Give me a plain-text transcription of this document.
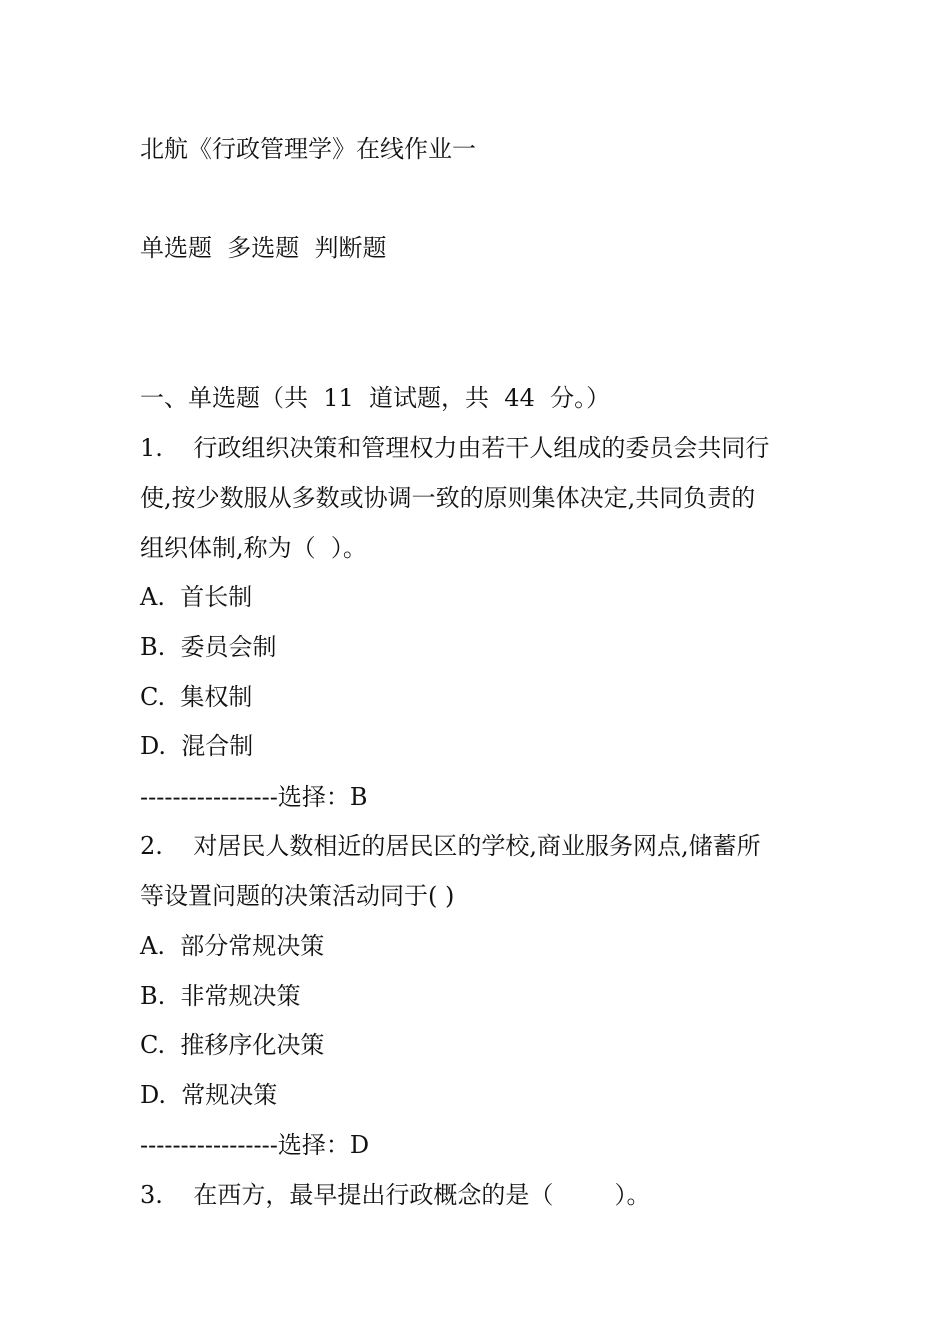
北航《行政管理学》在线作业一
单选题  多选题  判断题
一、单选题（共  11  道试题，共  44  分。）
1.    行政组织决策和管理权力由若干人组成的委员会共同行
使,按少数服从多数或协调一致的原则集体决定,共同负责的
组织体制,称为（  ）。
A.  首长制
B.  委员会制
C.  集权制
D.  混合制
-----------------选择：B
2.    对居民人数相近的居民区的学校,商业服务网点,储蓄所
等设置问题的决策活动同于( )
A.  部分常规决策
B.  非常规决策
C.  推移序化决策
D.  常规决策
-----------------选择：D
3.    在西方，最早提出行政概念的是（        ）。
